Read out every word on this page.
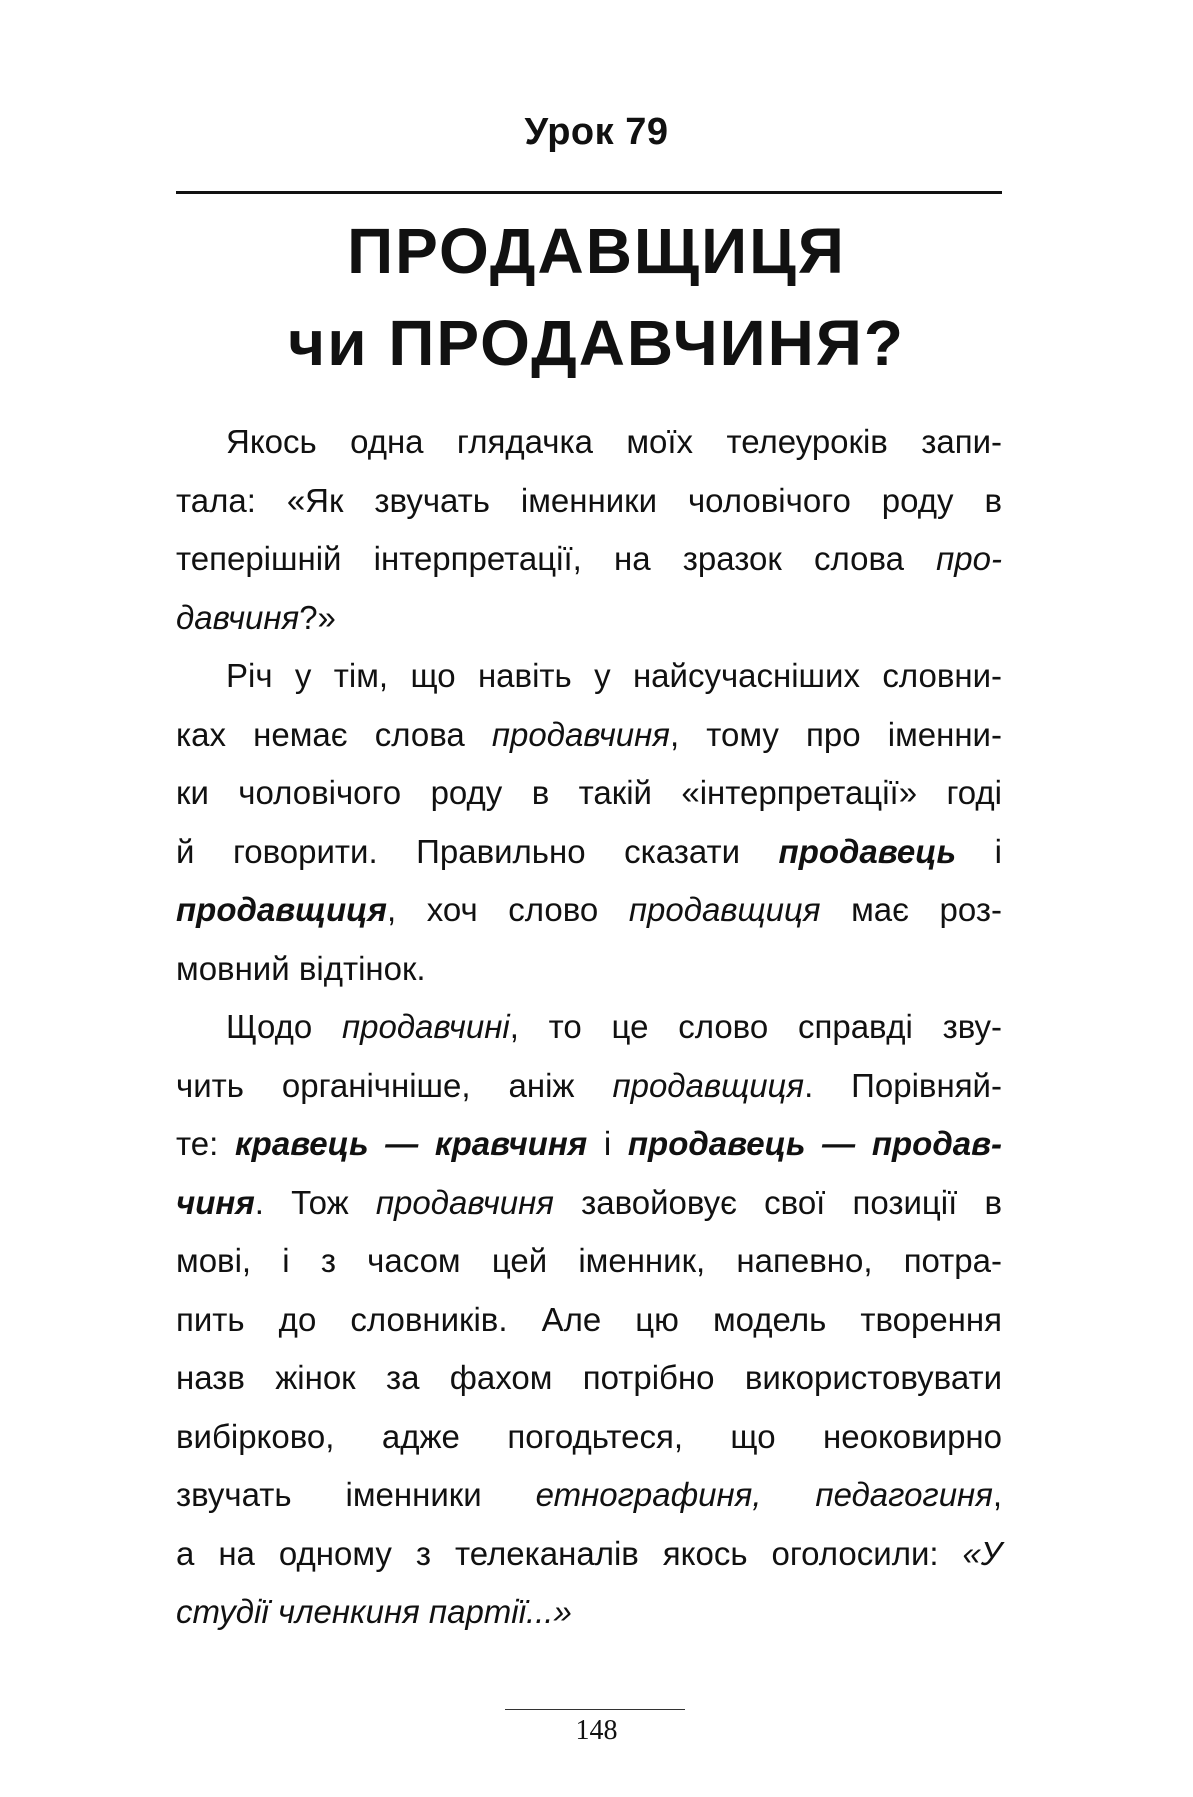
Урок 79
ПРОДАВЩИЦЯ
чи ПРОДАВЧИНЯ?

Якось одна глядачка моїх телеуроків запи-
тала: «Як звучать іменники чоловічого роду в
теперішній інтерпретації, на зразок слова про-
давчиня?»

Річ у тім, що навіть у найсучасніших словни-
ках немає слова продавчиня, тому про іменни-
ки чоловічого роду в такій «інтерпретації» годі
й говорити. Правильно сказати продавець і
продавщиця, хоч слово продавщиця має роз-
мовний відтінок.

Щодо продавчині, то це слово справді зву-
чить органічніше, аніж продавщиця. Порівняй-
те: кравець — кравчиня і продавець — продав-
чиня. Тож продавчиня завойовує свої позиції в
мові, і з часом цей іменник, напевно, потра-
пить до словників. Але цю модель творення
назв жінок за фахом потрібно використовувати
вибірково, адже погодьтеся, що неоковирно
звучать іменники етнографиня, педагогиня,
а на одному з телеканалів якось оголосили: «У
студії членкиня партії...»

148
